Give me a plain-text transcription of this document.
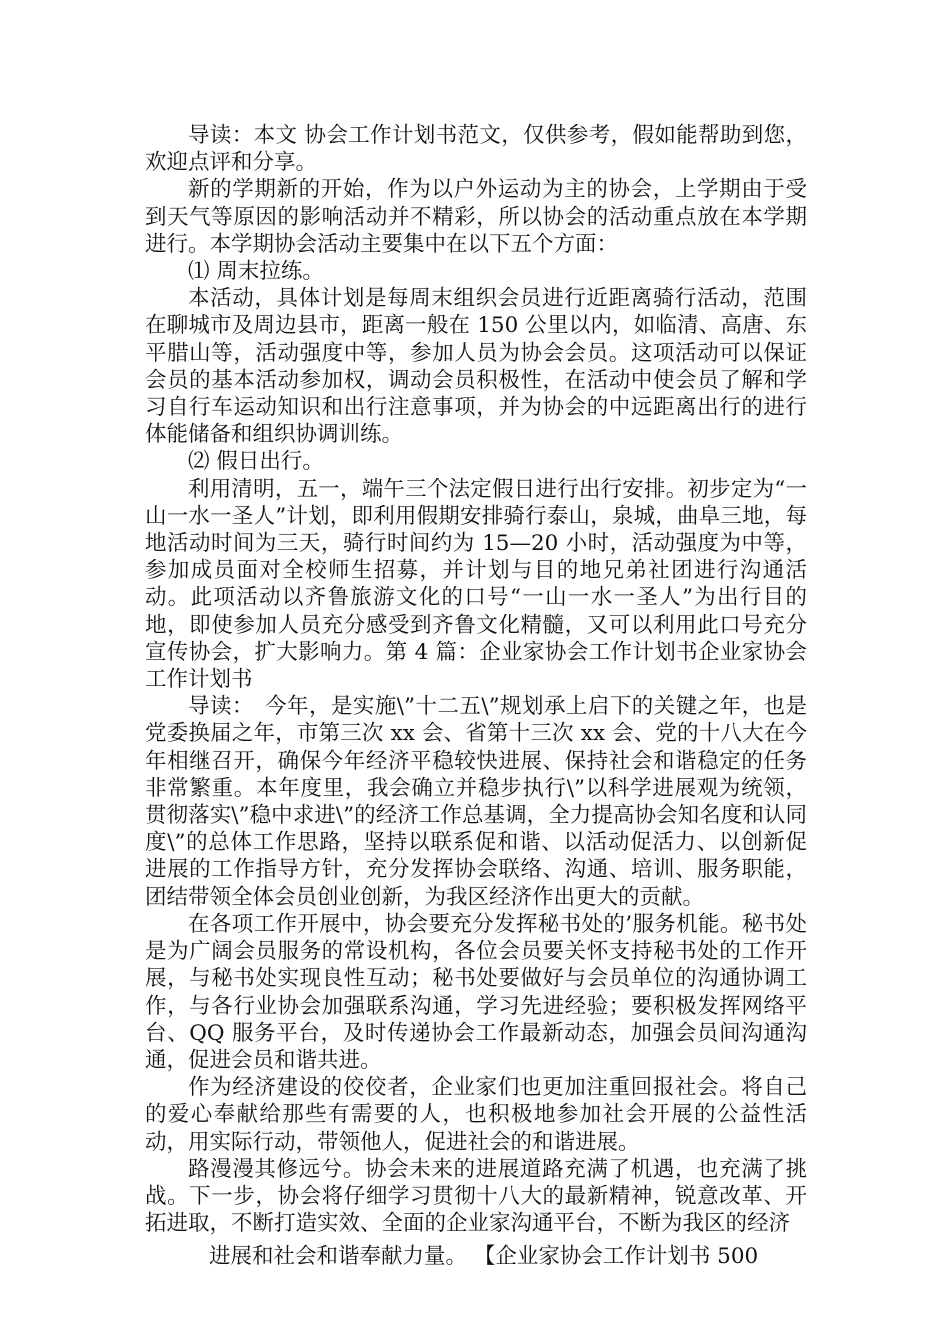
导读：本文 协会工作计划书范文，仅供参考，假如能帮助到您，欢迎点评和分享。

新的学期新的开始，作为以户外运动为主的协会，上学期由于受到天气等原因的影响活动并不精彩，所以协会的活动重点放在本学期进行。本学期协会活动主要集中在以下五个方面：

⑴ 周末拉练。

本活动，具体计划是每周末组织会员进行近距离骑行活动，范围在聊城市及周边县市，距离一般在 150 公里以内，如临清、高唐、东平腊山等，活动强度中等，参加人员为协会会员。这项活动可以保证会员的基本活动参加权，调动会员积极性，在活动中使会员了解和学习自行车运动知识和出行注意事项，并为协会的中远距离出行的进行体能储备和组织协调训练。

⑵ 假日出行。

利用清明，五一，端午三个法定假日进行出行安排。初步定为“一山一水一圣人”计划，即利用假期安排骑行泰山，泉城，曲阜三地，每地活动时间为三天，骑行时间约为 15—20 小时，活动强度为中等，参加成员面对全校师生招募，并计划与目的地兄弟社团进行沟通活动。此项活动以齐鲁旅游文化的口号“一山一水一圣人”为出行目的地，即使参加人员充分感受到齐鲁文化精髓，又可以利用此口号充分宣传协会，扩大影响力。第 4 篇：企业家协会工作计划书企业家协会工作计划书

导读：　今年，是实施\”十二五\”规划承上启下的关键之年，也是党委换届之年，市第三次 xx 会、省第十三次 xx 会、党的十八大在今年相继召开，确保今年经济平稳较快进展、保持社会和谐稳定的任务非常繁重。本年度里，我会确立并稳步执行\”以科学进展观为统领，贯彻落实\”稳中求进\”的经济工作总基调，全力提高协会知名度和认同度\”的总体工作思路，坚持以联系促和谐、以活动促活力、以创新促进展的工作指导方针，充分发挥协会联络、沟通、培训、服务职能，团结带领全体会员创业创新，为我区经济作出更大的贡献。

在各项工作开展中，协会要充分发挥秘书处的’服务机能。秘书处是为广阔会员服务的常设机构，各位会员要关怀支持秘书处的工作开展，与秘书处实现良性互动；秘书处要做好与会员单位的沟通协调工作，与各行业协会加强联系沟通，学习先进经验；要积极发挥网络平台、QQ 服务平台，及时传递协会工作最新动态，加强会员间沟通沟通，促进会员和谐共进。

作为经济建设的佼佼者，企业家们也更加注重回报社会。将自己的爱心奉献给那些有需要的人，也积极地参加社会开展的公益性活动，用实际行动，带领他人，促进社会的和谐进展。

路漫漫其修远兮。协会未来的进展道路充满了机遇，也充满了挑战。下一步，协会将仔细学习贯彻十八大的最新精神，锐意改革、开拓进取，不断打造实效、全面的企业家沟通平台，不断为我区的经济

进展和社会和谐奉献力量。 【企业家协会工作计划书 500
